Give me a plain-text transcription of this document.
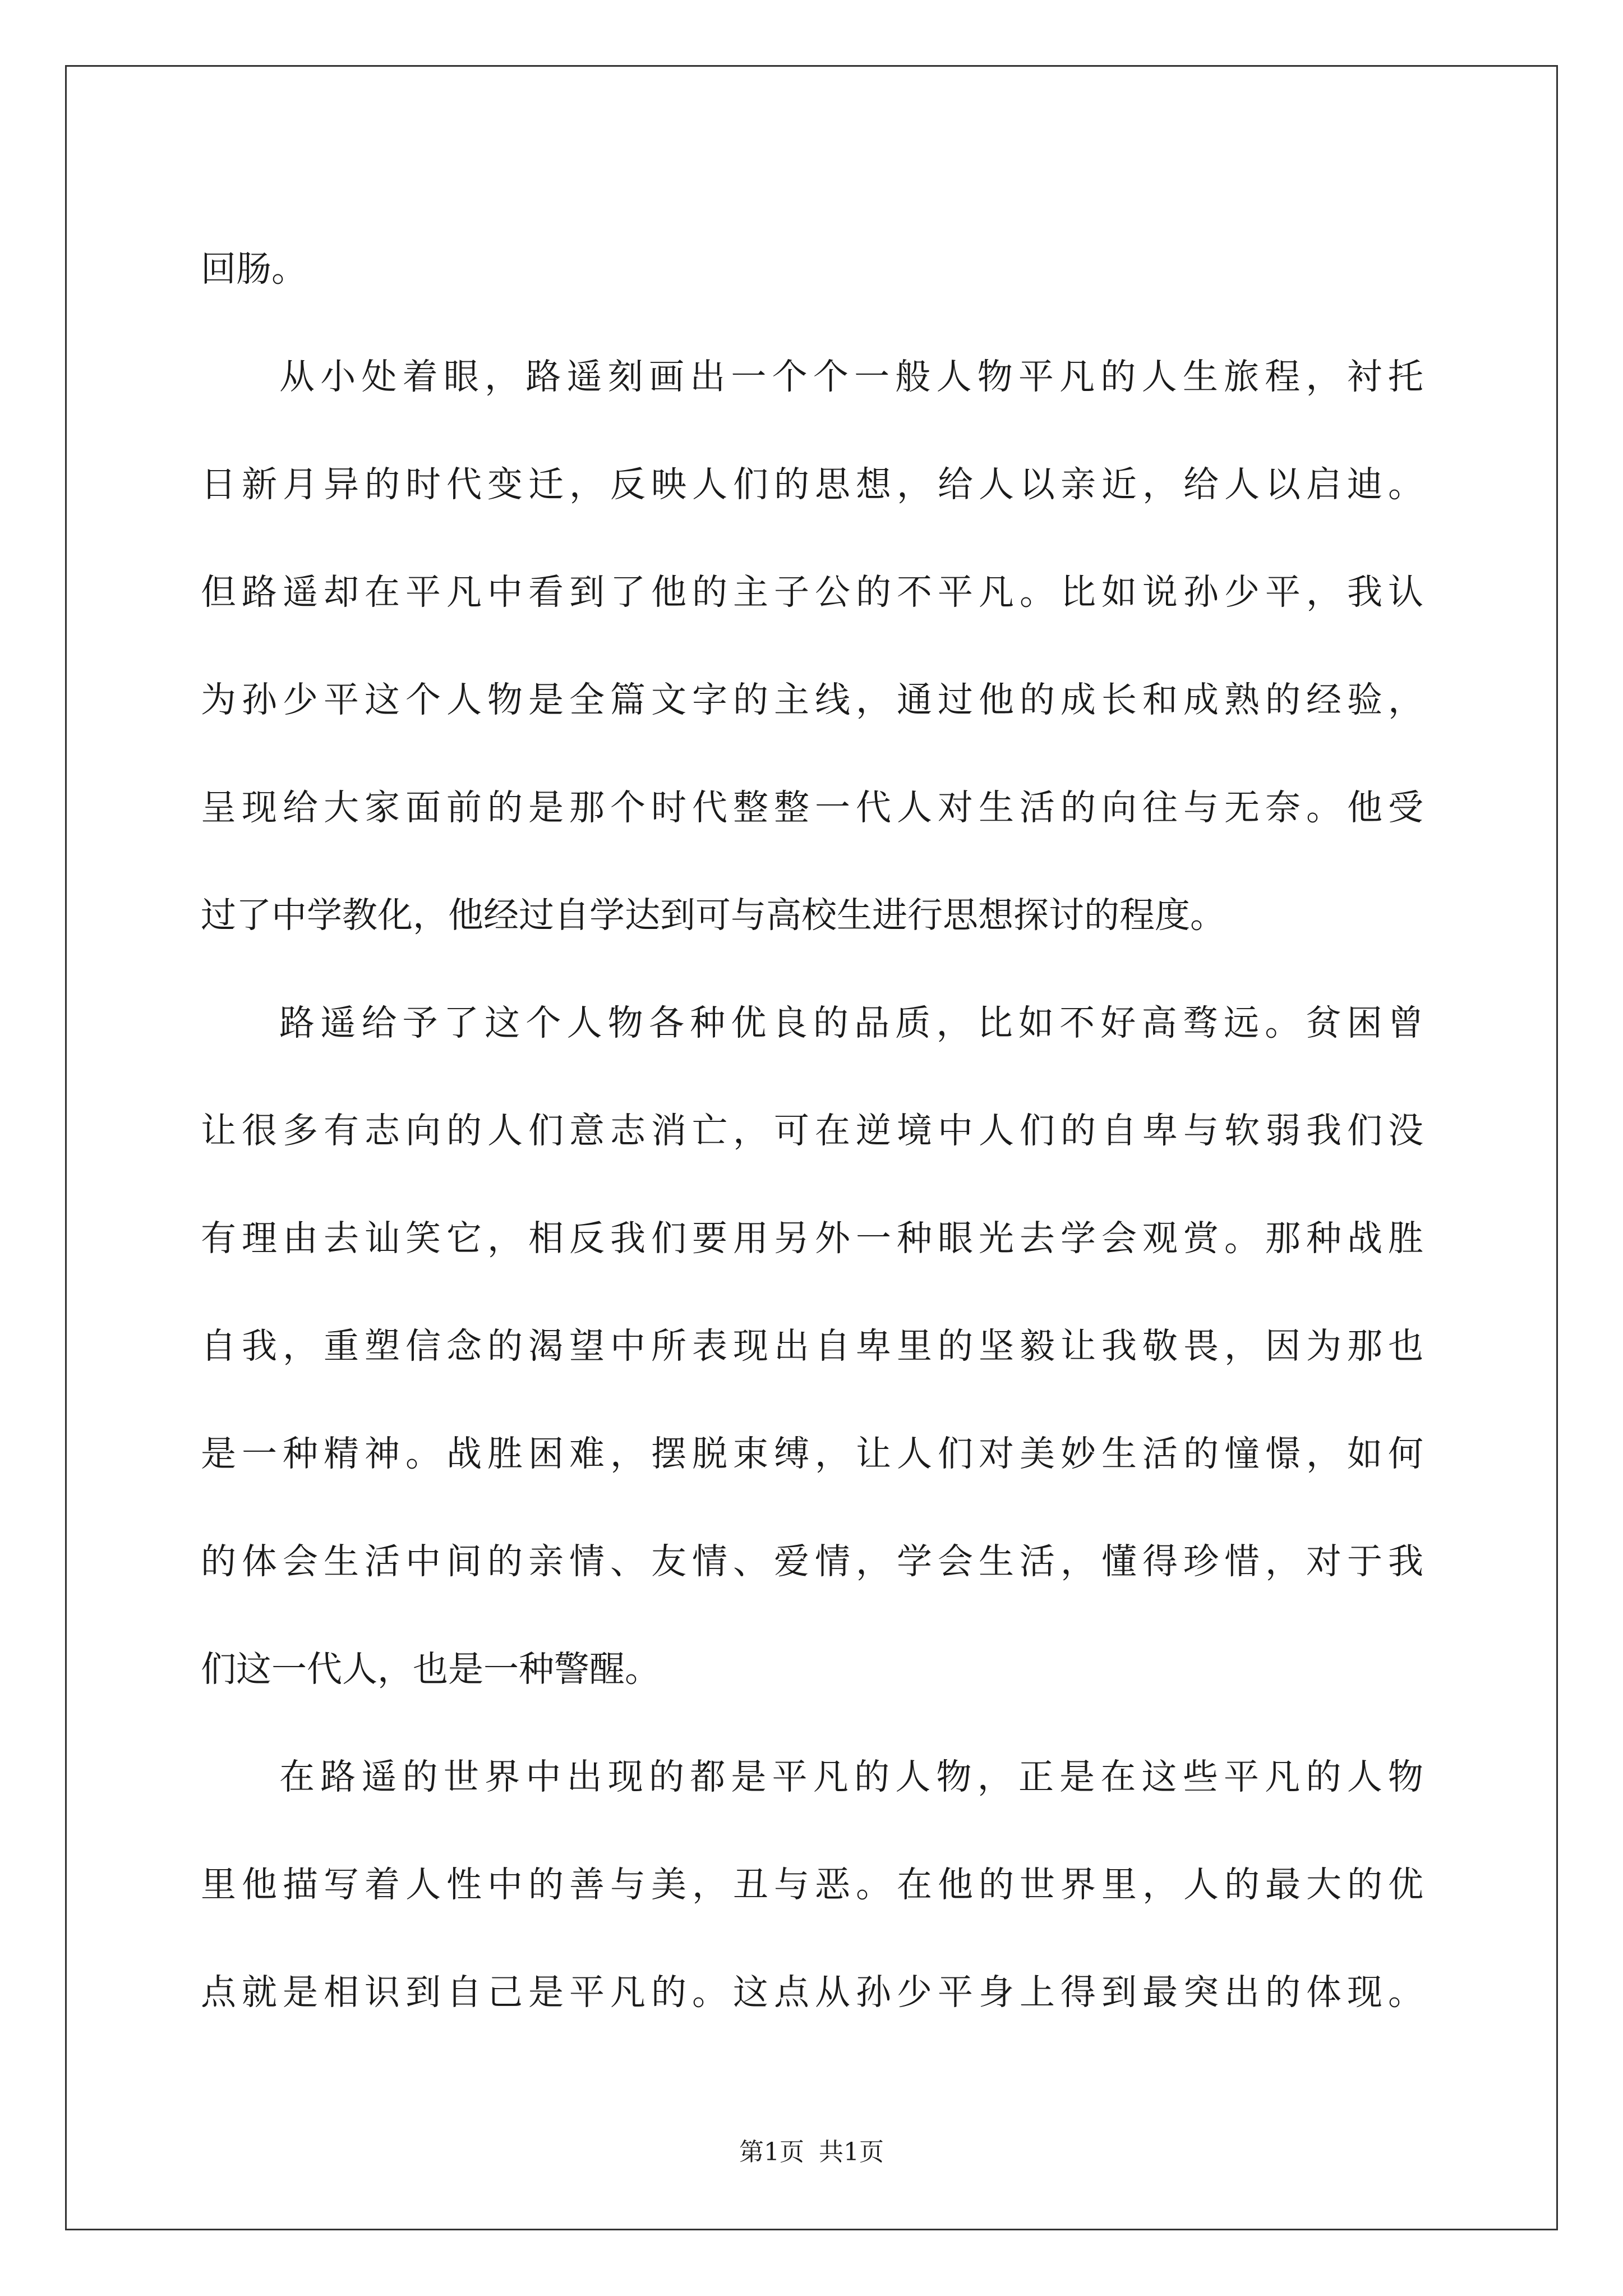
回肠。
从 小 处 着 眼 ， 路 遥 刻 画 出 一 个 个 一 般 人 物 平 凡 的 人 生 旅 程 ， 衬 托
日 新 月 异 的 时 代 变 迁 ， 反 映 人 们 的 思 想 ， 给 人 以 亲 近 ， 给 人 以 启 迪 。
但 路 遥 却 在 平 凡 中 看 到 了 他 的 主 子 公 的 不 平 凡 。 比 如 说 孙 少 平 ， 我 认
为 孙 少 平 这 个 人 物 是 全 篇 文 字 的 主 线 ， 通 过 他 的 成 长 和 成 熟 的 经 验 ，
呈 现 给 大 家 面 前 的 是 那 个 时 代 整 整 一 代 人 对 生 活 的 向 往 与 无 奈 。 他 受
过了中学教化，他经过自学达到可与高校生进行思想探讨的程度。
路 遥 给 予 了 这 个 人 物 各 种 优 良 的 品 质 ， 比 如 不 好 高 骛 远 。 贫 困 曾
让 很 多 有 志 向 的 人 们 意 志 消 亡 ， 可 在 逆 境 中 人 们 的 自 卑 与 软 弱 我 们 没
有 理 由 去 讪 笑 它 ， 相 反 我 们 要 用 另 外 一 种 眼 光 去 学 会 观 赏 。 那 种 战 胜
自 我 ， 重 塑 信 念 的 渴 望 中 所 表 现 出 自 卑 里 的 坚 毅 让 我 敬 畏 ， 因 为 那 也
是 一 种 精 神 。 战 胜 困 难 ， 摆 脱 束 缚 ， 让 人 们 对 美 妙 生 活 的 憧 憬 ， 如 何
的 体 会 生 活 中 间 的 亲 情 、 友 情 、 爱 情 ， 学 会 生 活 ， 懂 得 珍 惜 ， 对 于 我
们这一代人，也是一种警醒。
在 路 遥 的 世 界 中 出 现 的 都 是 平 凡 的 人 物 ， 正 是 在 这 些 平 凡 的 人 物
里 他 描 写 着 人 性 中 的 善 与 美 ， 丑 与 恶 。 在 他 的 世 界 里 ， 人 的 最 大 的 优
点 就 是 相 识 到 自 己 是 平 凡 的 。 这 点 从 孙 少 平 身 上 得 到 最 突 出 的 体 现 。
第1页 共1页
